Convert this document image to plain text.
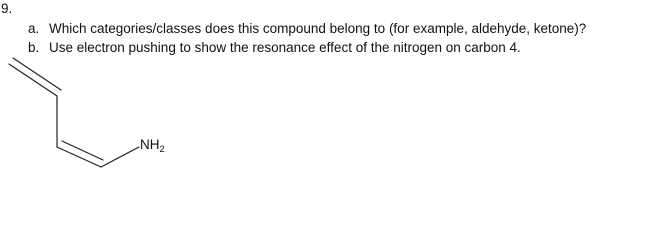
9.
a. Which categories/classes does this compound belong to (for example, aldehyde, ketone)?
b. Use electron pushing to show the resonance effect of the nitrogen on carbon 4.
$NH_2$
